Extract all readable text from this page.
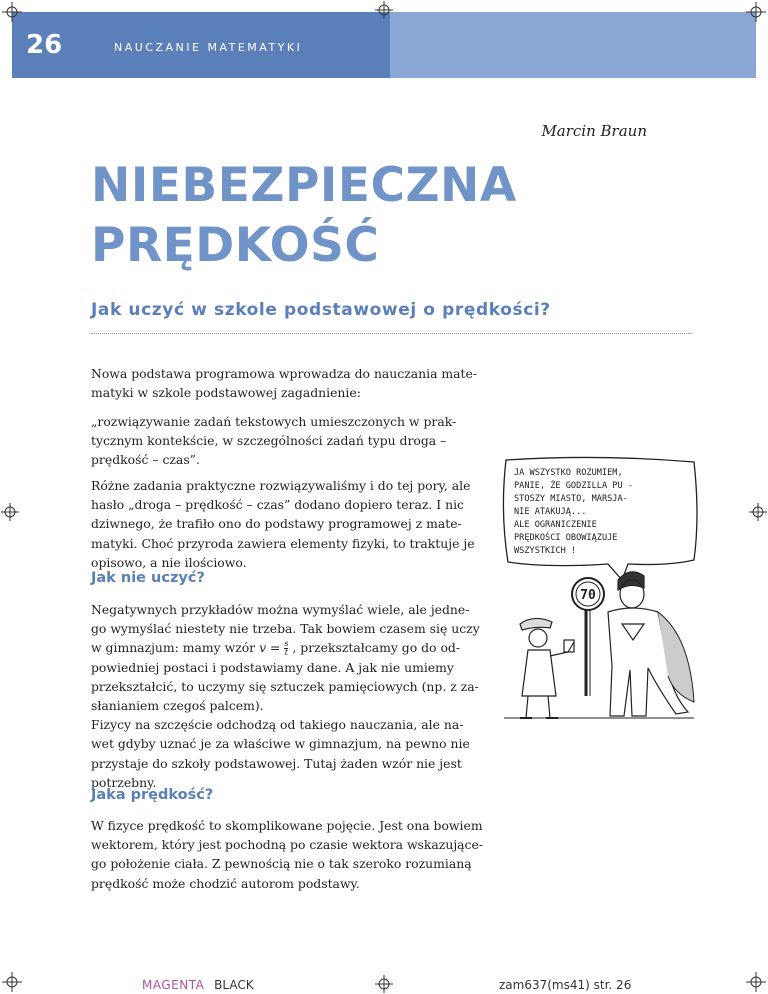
26	NAUCZANIE MATEMATYKI
Marcin Braun
NIEBEZPIECZNA
PRĘDKOŚĆ
Jak uczyć w szkole podstawowej o prędkości?
Nowa podstawa programowa wprowadza do nauczania mate-
matyki w szkole podstawowej zagadnienie:
„rozwiązywanie zadań tekstowych umieszczonych w prak-
tycznym kontekście, w szczególności zadań typu droga –
prędkość – czas”.
Różne zadania praktyczne rozwiązywaliśmy i do tej pory, ale
hasło „droga – prędkość – czas” dodano dopiero teraz. I nic
dziwnego, że trafiło ono do podstawy programowej z mate-
matyki. Choć przyroda zawiera elementy fizyki, to traktuje je
opisowo, a nie ilościowo.
Jak nie uczyć?
Negatywnych przykładów można wymyślać wiele, ale jedne-
go wymyślać niestety nie trzeba. Tak bowiem czasem się uczy
w gimnazjum: mamy wzór $v = \frac{s}{t}$ , przekształcamy go do od-
powiedniej postaci i podstawiamy dane. A jak nie umiemy
przekształcić, to uczymy się sztuczek pamięciowych (np. z za-
słanianiem czegoś palcem).
Fizycy na szczęście odchodzą od takiego nauczania, ale na-
wet gdyby uznać je za właściwe w gimnazjum, na pewno nie
przystaje do szkoły podstawowej. Tutaj żaden wzór nie jest
potrzebny.
Jaka prędkość?
W fizyce prędkość to skomplikowane pojęcie. Jest ona bowiem
wektorem, który jest pochodną po czasie wektora wskazujące-
go położenie ciała. Z pewnością nie o tak szeroko rozumianą
prędkość może chodzić autorom podstawy.
JA WSZYSTKO ROZUMIEM,
PANIE, ŻE GODZILLA PU -
STOSZY MIASTO, MARSJA-
NIE ATAKUJĄ...
ALE OGRANICZENIE
PRĘDKOŚCI OBOWIĄZUJE
WSZYSTKICH !
70
MAGENTA BLACK	zam637(ms41) str. 26
